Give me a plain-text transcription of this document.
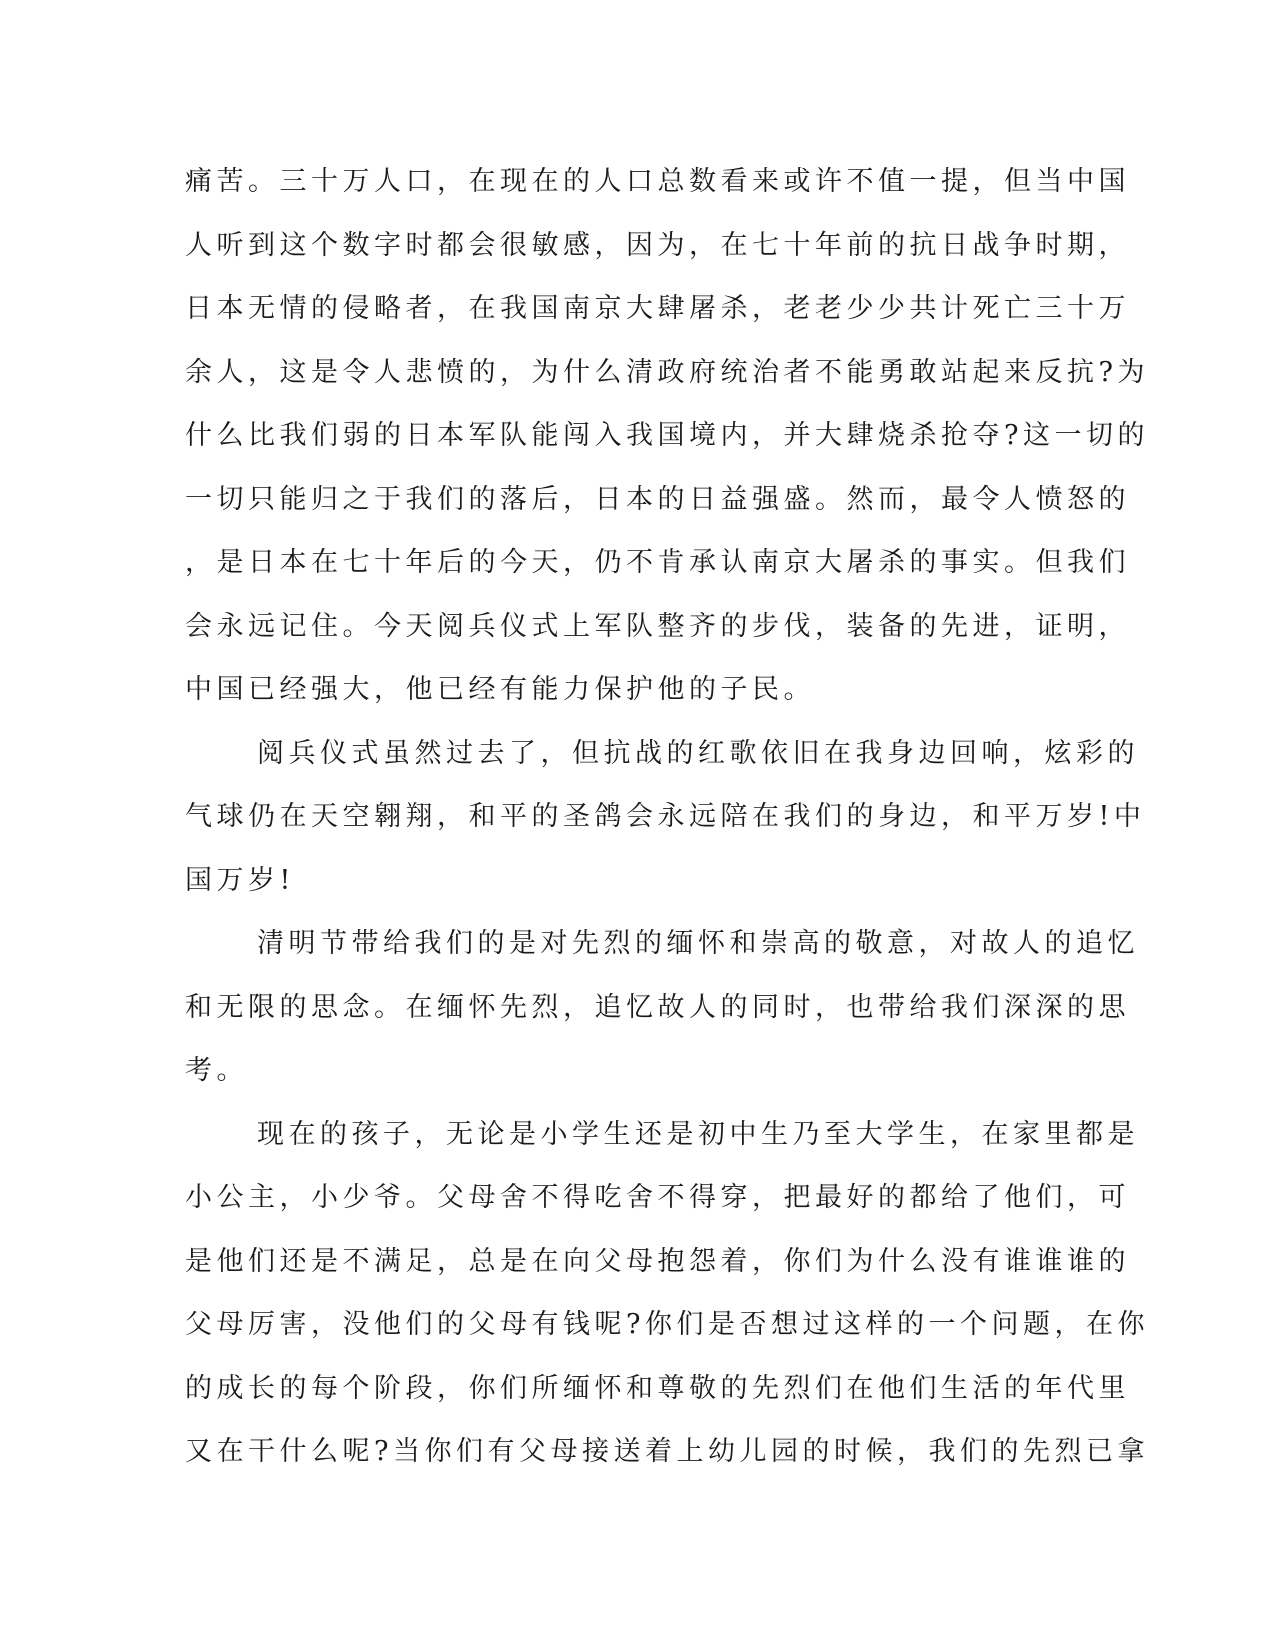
痛苦。三十万人口，在现在的人口总数看来或许不值一提，但当中国
人听到这个数字时都会很敏感，因为，在七十年前的抗日战争时期，
日本无情的侵略者，在我国南京大肆屠杀，老老少少共计死亡三十万
余人，这是令人悲愤的，为什么清政府统治者不能勇敢站起来反抗?为
什么比我们弱的日本军队能闯入我国境内，并大肆烧杀抢夺?这一切的
一切只能归之于我们的落后，日本的日益强盛。然而，最令人愤怒的
，是日本在七十年后的今天，仍不肯承认南京大屠杀的事实。但我们
会永远记住。今天阅兵仪式上军队整齐的步伐，装备的先进，证明，
中国已经强大，他已经有能力保护他的子民。
阅兵仪式虽然过去了，但抗战的红歌依旧在我身边回响，炫彩的
气球仍在天空翱翔，和平的圣鸽会永远陪在我们的身边，和平万岁!中
国万岁!
清明节带给我们的是对先烈的缅怀和崇高的敬意，对故人的追忆
和无限的思念。在缅怀先烈，追忆故人的同时，也带给我们深深的思
考。
现在的孩子，无论是小学生还是初中生乃至大学生，在家里都是
小公主，小少爷。父母舍不得吃舍不得穿，把最好的都给了他们，可
是他们还是不满足，总是在向父母抱怨着，你们为什么没有谁谁谁的
父母厉害，没他们的父母有钱呢?你们是否想过这样的一个问题，在你
的成长的每个阶段，你们所缅怀和尊敬的先烈们在他们生活的年代里
又在干什么呢?当你们有父母接送着上幼儿园的时候，我们的先烈已拿
